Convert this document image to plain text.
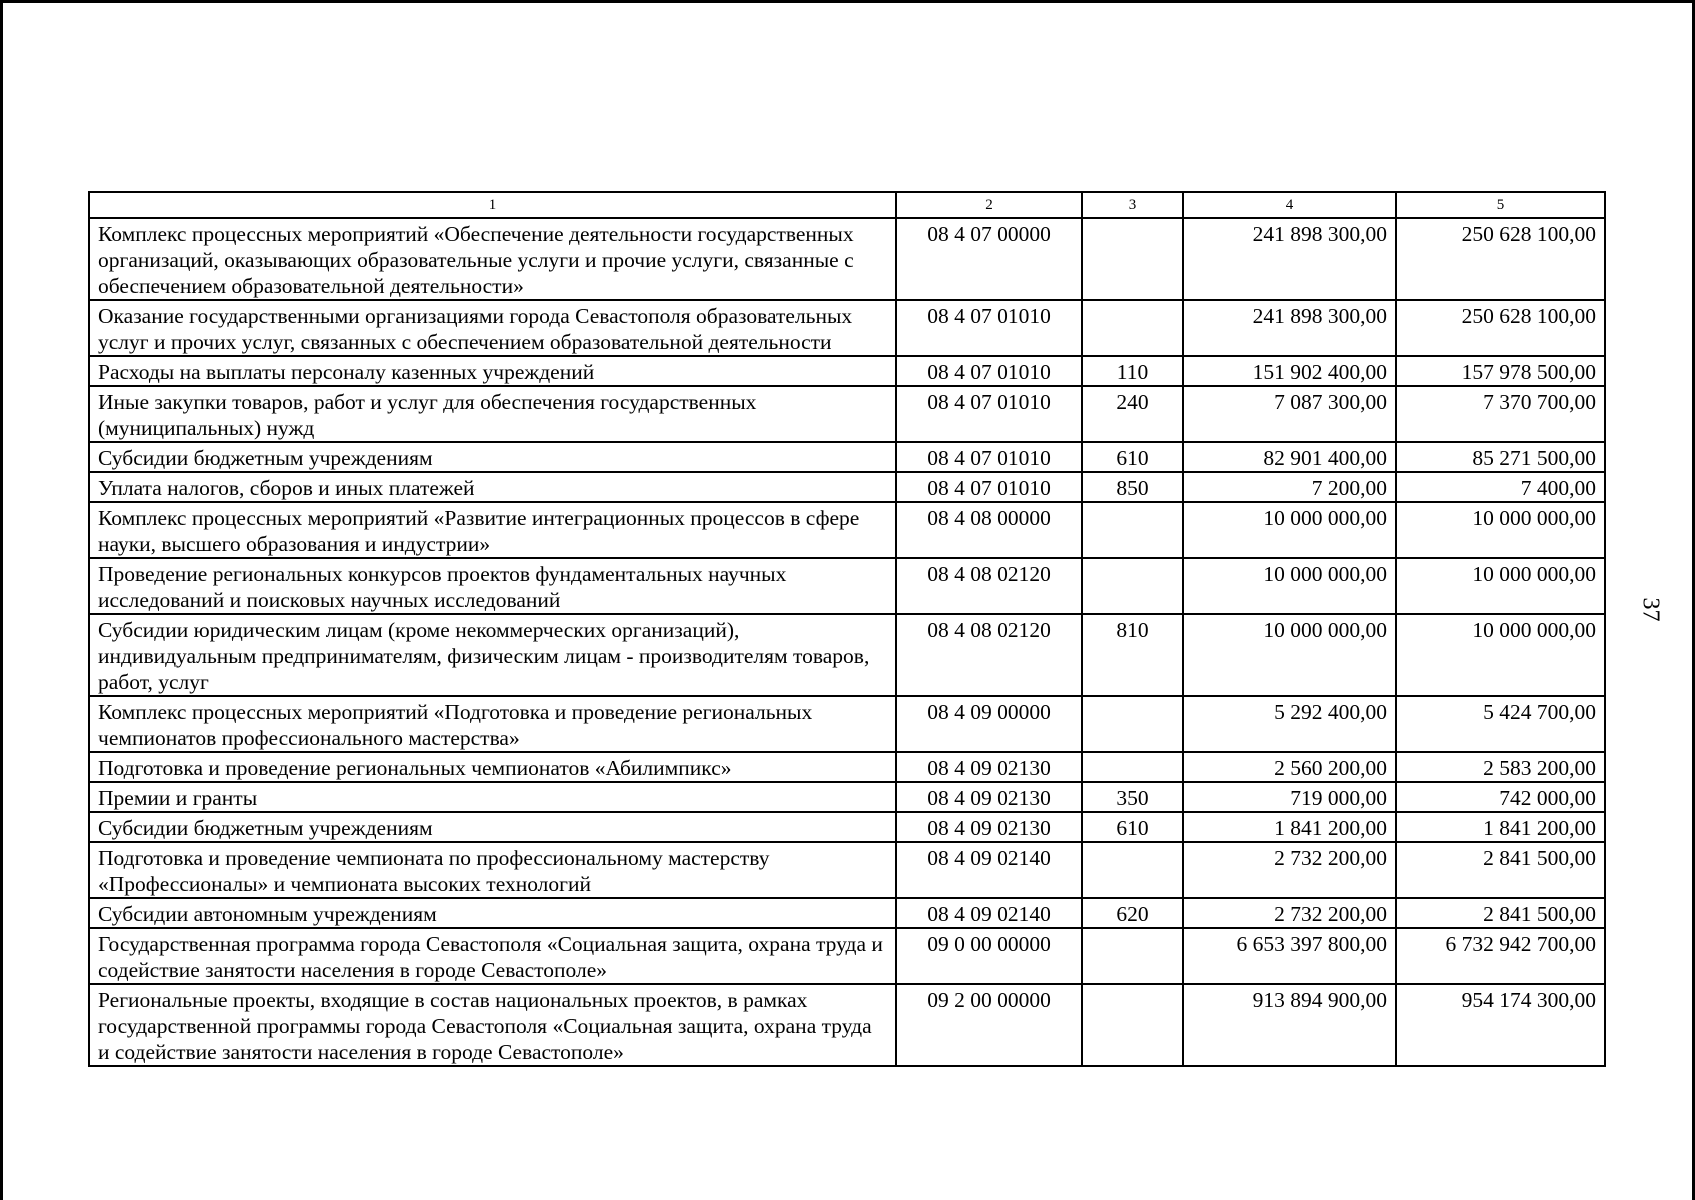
1	2	3	4	5
Комплекс процессных мероприятий «Обеспечение деятельности государственных организаций, оказывающих образовательные услуги и прочие услуги, связанные с обеспечением образовательной деятельности»	08 4 07 00000		241 898 300,00	250 628 100,00
Оказание государственными организациями города Севастополя образовательных услуг и прочих услуг, связанных с обеспечением образовательной деятельности	08 4 07 01010		241 898 300,00	250 628 100,00
Расходы на выплаты персоналу казенных учреждений	08 4 07 01010	110	151 902 400,00	157 978 500,00
Иные закупки товаров, работ и услуг для обеспечения государственных (муниципальных) нужд	08 4 07 01010	240	7 087 300,00	7 370 700,00
Субсидии бюджетным учреждениям	08 4 07 01010	610	82 901 400,00	85 271 500,00
Уплата налогов, сборов и иных платежей	08 4 07 01010	850	7 200,00	7 400,00
Комплекс процессных мероприятий «Развитие интеграционных процессов в сфере науки, высшего образования и индустрии»	08 4 08 00000		10 000 000,00	10 000 000,00
Проведение региональных конкурсов проектов фундаментальных научных исследований и поисковых научных исследований	08 4 08 02120		10 000 000,00	10 000 000,00
Субсидии юридическим лицам (кроме некоммерческих организаций), индивидуальным предпринимателям, физическим лицам - производителям товаров, работ, услуг	08 4 08 02120	810	10 000 000,00	10 000 000,00
Комплекс процессных мероприятий «Подготовка и проведение региональных чемпионатов профессионального мастерства»	08 4 09 00000		5 292 400,00	5 424 700,00
Подготовка и проведение региональных чемпионатов «Абилимпикс»	08 4 09 02130		2 560 200,00	2 583 200,00
Премии и гранты	08 4 09 02130	350	719 000,00	742 000,00
Субсидии бюджетным учреждениям	08 4 09 02130	610	1 841 200,00	1 841 200,00
Подготовка и проведение чемпионата по профессиональному мастерству «Профессионалы» и чемпионата высоких технологий	08 4 09 02140		2 732 200,00	2 841 500,00
Субсидии автономным учреждениям	08 4 09 02140	620	2 732 200,00	2 841 500,00
Государственная программа города Севастополя «Социальная защита, охрана труда и содействие занятости населения в городе Севастополе»	09 0 00 00000		6 653 397 800,00	6 732 942 700,00
Региональные проекты, входящие в состав национальных проектов, в рамках государственной программы города Севастополя «Социальная защита, охрана труда и содействие занятости населения в городе Севастополе»	09 2 00 00000		913 894 900,00	954 174 300,00
37
